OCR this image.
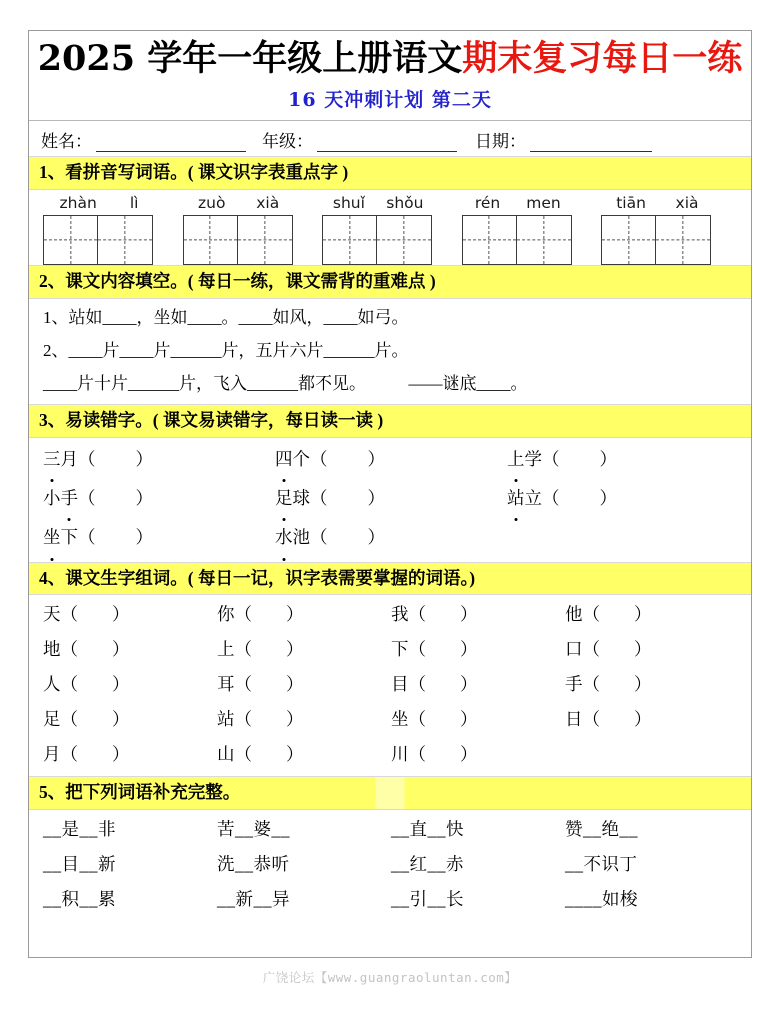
2025 学年一年级上册语文期末复习每日一练
16 天冲刺计划 第二天
姓名：	年级：	日期：
1、看拼音写词语。( 课文识字表重点字 )
zhàn lì	zuò xià	shuǐ shǒu	rén men	tiān xià
2、课文内容填空。( 每日一练，课文需背的重难点 )
1、站如____，坐如____。____如风，____如弓。
2、____片____片______片，五片六片______片。
____片十片______片，飞入______都不见。　　　——谜底____。
3、易读错字。( 课文易读错字，每日读一读 )
三月（ ）	四个（ ）	上学（ ）
小手（ ）	足球（ ）	站立（ ）
坐下（ ）	水池（ ）

4、课文生字组词。( 每日一记，识字表需要掌握的词语。)
天（ ）	你（ ）	我（ ）	他（ ）
地（ ）	上（ ）	下（ ）	口（ ）
人（ ）	耳（ ）	目（ ）	手（ ）
足（ ）	站（ ）	坐（ ）	日（ ）
月（ ）	山（ ）	川（ ）

5、把下列词语补充完整。
__是__非	苦__婆__	__直__快	赞__绝__
__目__新	洗__恭听	__红__赤	__不识丁
__积__累	__新__异	__引__长	____如梭
广饶论坛【www.guangraoluntan.com】
